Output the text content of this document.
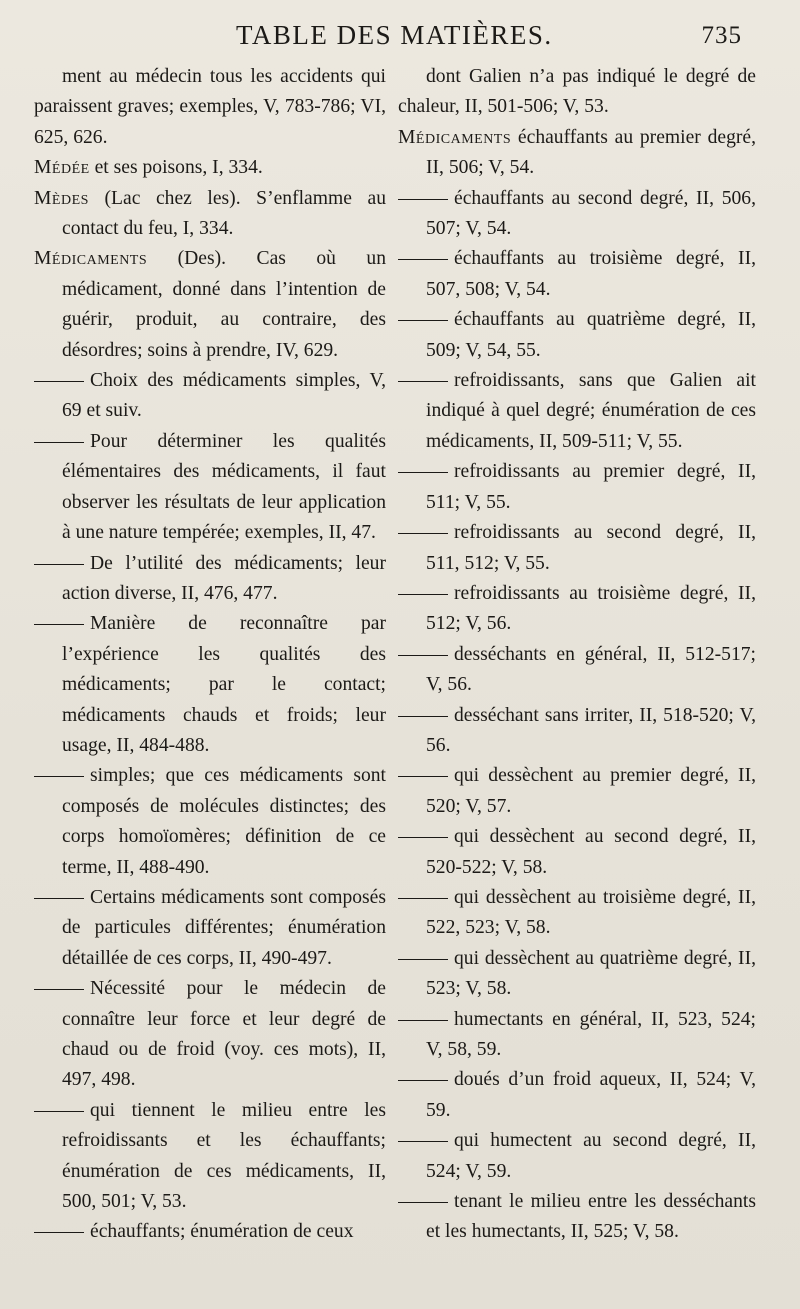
TABLE DES MATIÈRES.	735

ment au médecin tous les accidents qui paraissent graves; exemples, V, 783-786; VI, 625, 626.

Médée et ses poisons, I, 334.

Mèdes (Lac chez les). S’enflamme au contact du feu, I, 334.

Médicaments (Des). Cas où un médicament, donné dans l’intention de guérir, produit, au contraire, des désordres; soins à prendre, IV, 629.

Choix des médicaments simples, V, 69 et suiv.

Pour déterminer les qualités élémentaires des médicaments, il faut observer les résultats de leur application à une nature tempérée; exemples, II, 47.

De l’utilité des médicaments; leur action diverse, II, 476, 477.

Manière de reconnaître par l’expérience les qualités des médicaments; par le contact; médicaments chauds et froids; leur usage, II, 484-488.

simples; que ces médicaments sont composés de molécules distinctes; des corps homoïomères; définition de ce terme, II, 488-490.

Certains médicaments sont composés de particules différentes; énumération détaillée de ces corps, II, 490-497.

Nécessité pour le médecin de connaître leur force et leur degré de chaud ou de froid (voy. ces mots), II, 497, 498.

qui tiennent le milieu entre les refroidissants et les échauffants; énumération de ces médicaments, II, 500, 501; V, 53.

échauffants; énumération de ceux

dont Galien n’a pas indiqué le degré de chaleur, II, 501-506; V, 53.

Médicaments échauffants au premier degré, II, 506; V, 54.

échauffants au second degré, II, 506, 507; V, 54.

échauffants au troisième degré, II, 507, 508; V, 54.

échauffants au quatrième degré, II, 509; V, 54, 55.

refroidissants, sans que Galien ait indiqué à quel degré; énumération de ces médicaments, II, 509-511; V, 55.

refroidissants au premier degré, II, 511; V, 55.

refroidissants au second degré, II, 511, 512; V, 55.

refroidissants au troisième degré, II, 512; V, 56.

desséchants en général, II, 512-517; V, 56.

desséchant sans irriter, II, 518-520; V, 56.

qui dessèchent au premier degré, II, 520; V, 57.

qui dessèchent au second degré, II, 520-522; V, 58.

qui dessèchent au troisième degré, II, 522, 523; V, 58.

qui dessèchent au quatrième degré, II, 523; V, 58.

humectants en général, II, 523, 524; V, 58, 59.

doués d’un froid aqueux, II, 524; V, 59.

qui humectent au second degré, II, 524; V, 59.

tenant le milieu entre les desséchants et les humectants, II, 525; V, 58.
